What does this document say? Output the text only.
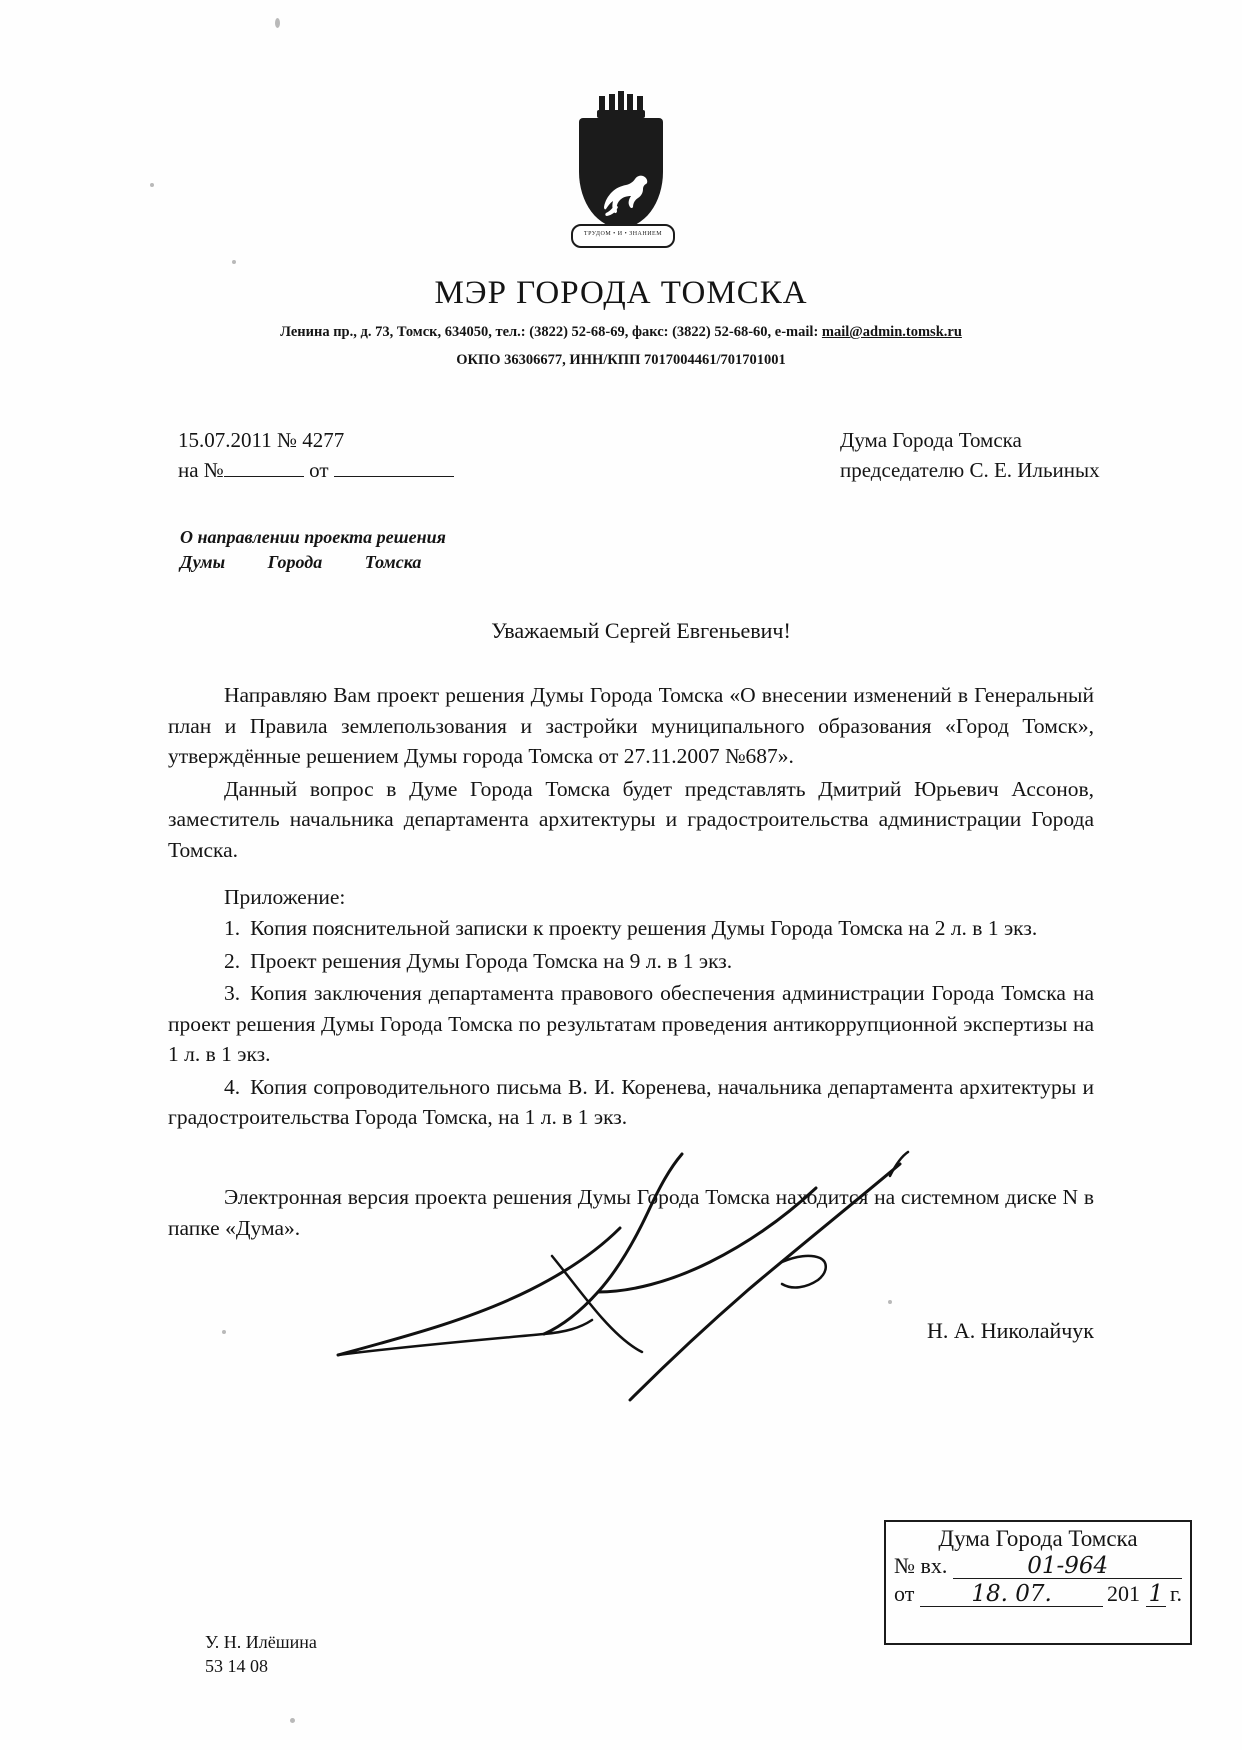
ТРУДОМ • И • ЗНАНИЕМ
МЭР ГОРОДА ТОМСКА
Ленина пр., д. 73, Томск, 634050, тел.: (3822) 52-68-69, факс: (3822) 52-68-60, e-mail: mail@admin.tomsk.ru
ОКПО 36306677, ИНН/КПП 7017004461/701701001
15.07.2011 № 4277
на №	от
Дума Города Томска
председателю С. Е. Ильиных
О направлении проекта решения
Думы Города Томска
Уважаемый Сергей Евгеньевич!

Направляю Вам проект решения Думы Города Томска «О внесении изменений в Генеральный план и Правила землепользования и застройки муниципального образования «Город Томск», утверждённые решением Думы города Томска от 27.11.2007 №687».

Данный вопрос в Думе Города Томска будет представлять Дмитрий Юрьевич Ассонов, заместитель начальника департамента архитектуры и градостроительства администрации Города Томска.

Приложение:

1. Копия пояснительной записки к проекту решения Думы Города Томска на 2 л. в 1 экз.

2. Проект решения Думы Города Томска на 9 л. в 1 экз.

3. Копия заключения департамента правового обеспечения администрации Города Томска на проект решения Думы Города Томска по результатам проведения антикоррупционной экспертизы на 1 л. в 1 экз.

4. Копия сопроводительного письма В. И. Коренева, начальника департамента архитектуры и градостроительства Города Томска, на 1 л. в 1 экз.

Электронная версия проекта решения Думы Города Томска находится на системном диске N в папке «Дума».

Н. А. Николайчук
Дума Города Томска
№ вх.	01-964
от	18. 07.	201 1 г.
У. Н. Илёшина
53 14 08
